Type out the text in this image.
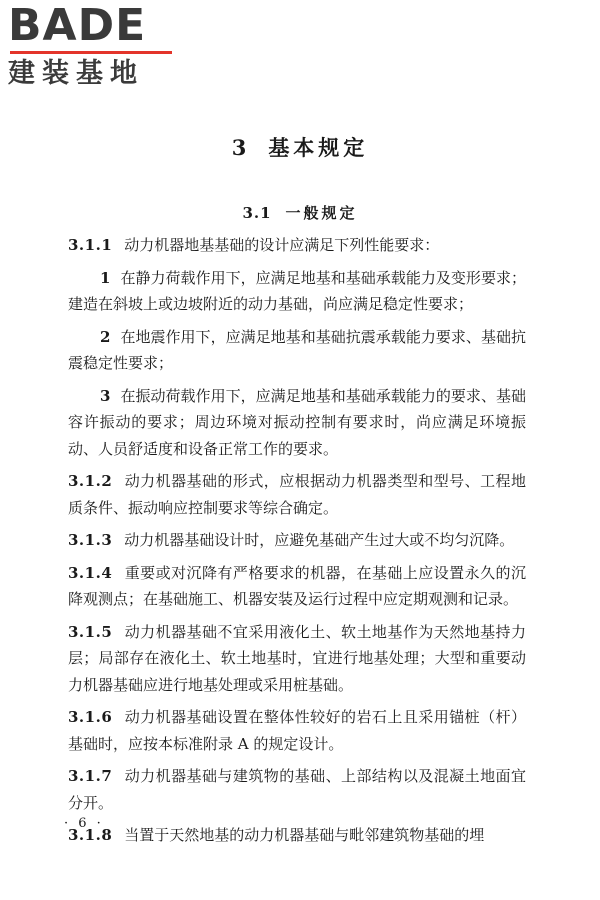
BADE
建装基地
3 基本规定
3.1 一般规定

3.1.1 动力机器地基基础的设计应满足下列性能要求：

1 在静力荷载作用下，应满足地基和基础承载能力及变形要求；建造在斜坡上或边坡附近的动力基础，尚应满足稳定性要求；

2 在地震作用下，应满足地基和基础抗震承载能力要求、基础抗震稳定性要求；

3 在振动荷载作用下，应满足地基和基础承载能力的要求、基础容许振动的要求；周边环境对振动控制有要求时，尚应满足环境振动、人员舒适度和设备正常工作的要求。

3.1.2 动力机器基础的形式，应根据动力机器类型和型号、工程地质条件、振动响应控制要求等综合确定。

3.1.3 动力机器基础设计时，应避免基础产生过大或不均匀沉降。

3.1.4 重要或对沉降有严格要求的机器，在基础上应设置永久的沉降观测点；在基础施工、机器安装及运行过程中应定期观测和记录。

3.1.5 动力机器基础不宜采用液化土、软土地基作为天然地基持力层；局部存在液化土、软土地基时，宜进行地基处理；大型和重要动力机器基础应进行地基处理或采用桩基础。

3.1.6 动力机器基础设置在整体性较好的岩石上且采用锚桩（杆）基础时，应按本标准附录 A 的规定设计。

3.1.7 动力机器基础与建筑物的基础、上部结构以及混凝土地面宜分开。

3.1.8 当置于天然地基的动力机器基础与毗邻建筑物基础的埋

· 6 ·
